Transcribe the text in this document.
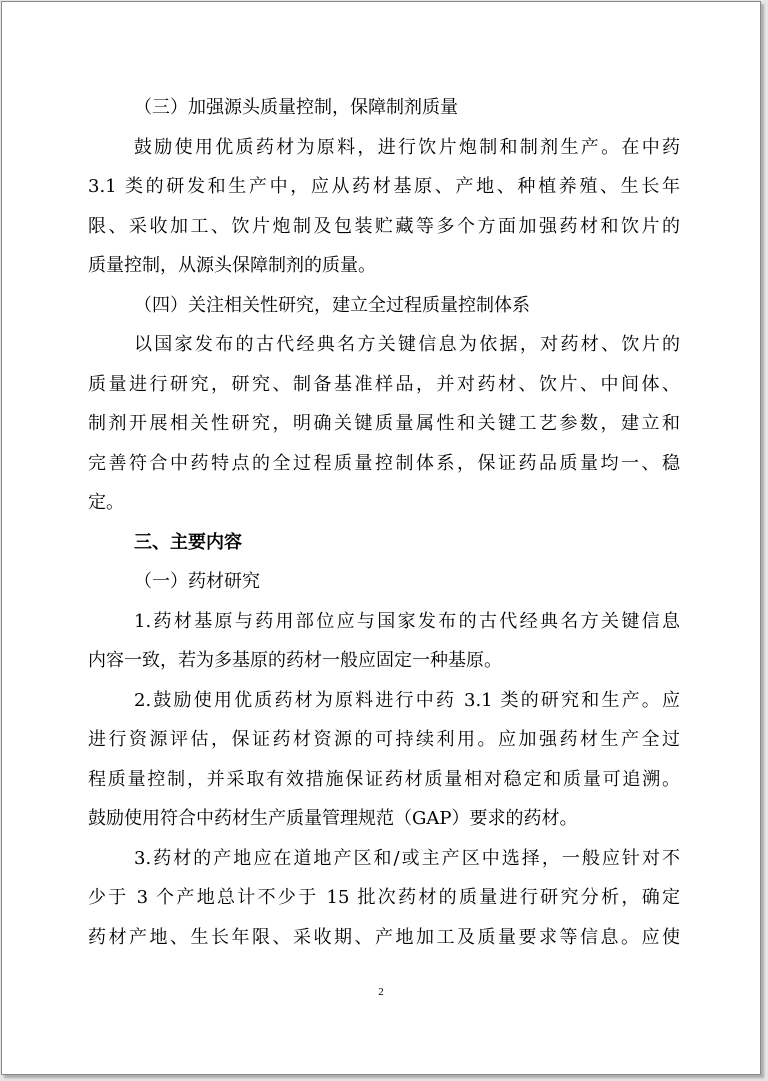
（三）加强源头质量控制，保障制剂质量
鼓励使用优质药材为原料，进行饮片炮制和制剂生产。在中药
3.1 类的研发和生产中，应从药材基原、产地、种植养殖、生长年
限、采收加工、饮片炮制及包装贮藏等多个方面加强药材和饮片的
质量控制，从源头保障制剂的质量。
（四）关注相关性研究，建立全过程质量控制体系
以国家发布的古代经典名方关键信息为依据，对药材、饮片的
质量进行研究，研究、制备基准样品，并对药材、饮片、中间体、
制剂开展相关性研究，明确关键质量属性和关键工艺参数，建立和
完善符合中药特点的全过程质量控制体系，保证药品质量均一、稳
定。
三、主要内容
（一）药材研究
1.药材基原与药用部位应与国家发布的古代经典名方关键信息
内容一致，若为多基原的药材一般应固定一种基原。
2.鼓励使用优质药材为原料进行中药 3.1 类的研究和生产。应
进行资源评估，保证药材资源的可持续利用。应加强药材生产全过
程质量控制，并采取有效措施保证药材质量相对稳定和质量可追溯。
鼓励使用符合中药材生产质量管理规范（GAP）要求的药材。
3.药材的产地应在道地产区和/或主产区中选择，一般应针对不
少于 3 个产地总计不少于 15 批次药材的质量进行研究分析，确定
药材产地、生长年限、采收期、产地加工及质量要求等信息。应使
2
